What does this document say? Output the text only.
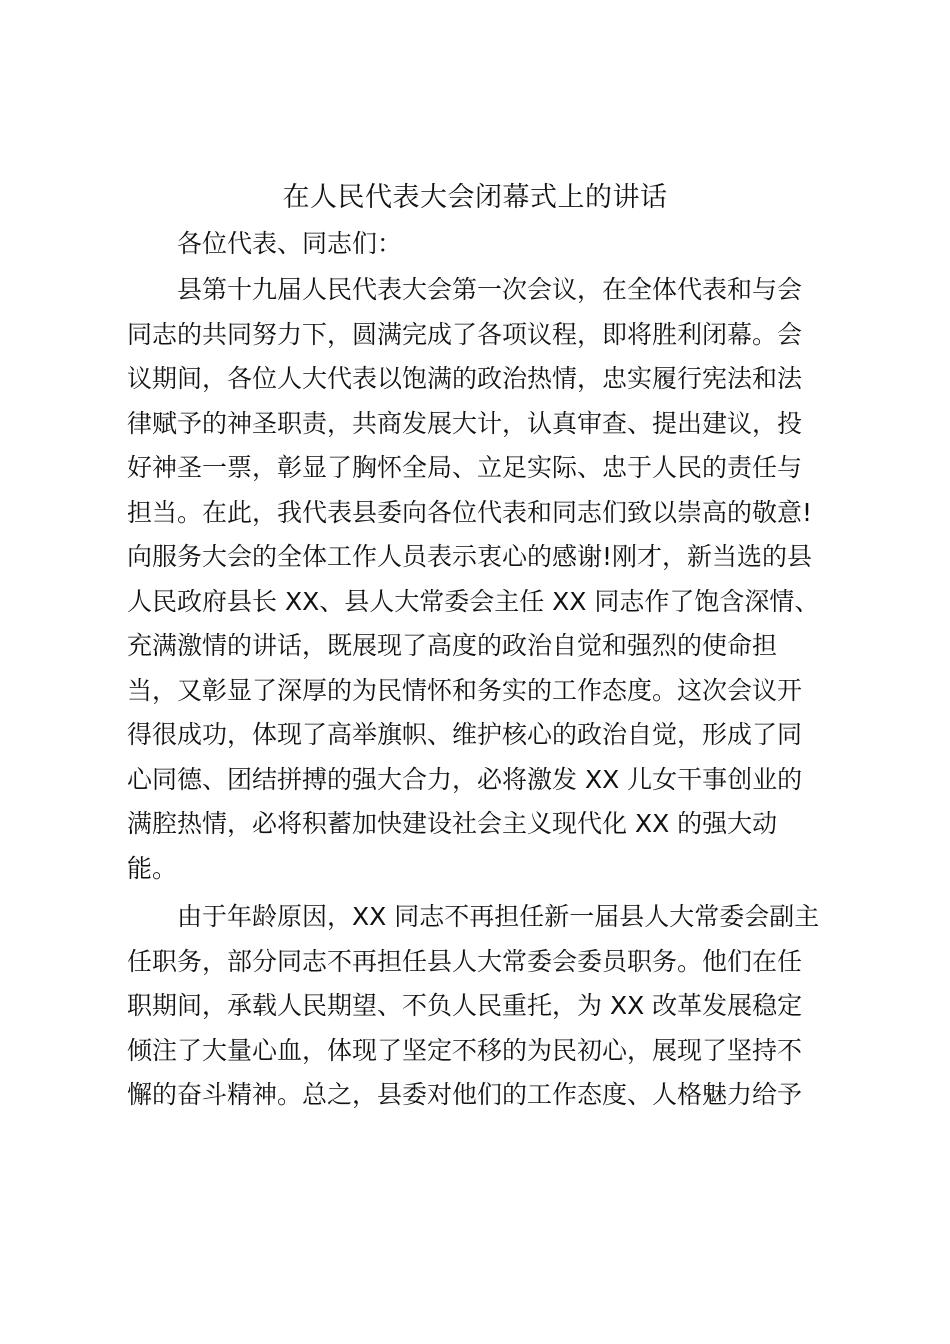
在人民代表大会闭幕式上的讲话

各位代表、同志们：

县第十九届人民代表大会第一次会议，在全体代表和与会
同志的共同努力下，圆满完成了各项议程，即将胜利闭幕。会
议期间，各位人大代表以饱满的政治热情，忠实履行宪法和法
律赋予的神圣职责，共商发展大计，认真审查、提出建议，投
好神圣一票，彰显了胸怀全局、立足实际、忠于人民的责任与
担当。在此，我代表县委向各位代表和同志们致以崇高的敬意!
向服务大会的全体工作人员表示衷心的感谢!刚才，新当选的县
人民政府县长 XX、县人大常委会主任 XX 同志作了饱含深情、
充满激情的讲话，既展现了高度的政治自觉和强烈的使命担
当，又彰显了深厚的为民情怀和务实的工作态度。这次会议开
得很成功，体现了高举旗帜、维护核心的政治自觉，形成了同
心同德、团结拼搏的强大合力，必将激发 XX 儿女干事创业的
满腔热情，必将积蓄加快建设社会主义现代化 XX 的强大动
能。
由于年龄原因，XX 同志不再担任新一届县人大常委会副主
任职务，部分同志不再担任县人大常委会委员职务。他们在任
职期间，承载人民期望、不负人民重托，为 XX 改革发展稳定
倾注了大量心血，体现了坚定不移的为民初心，展现了坚持不
懈的奋斗精神。总之，县委对他们的工作态度、人格魅力给予
